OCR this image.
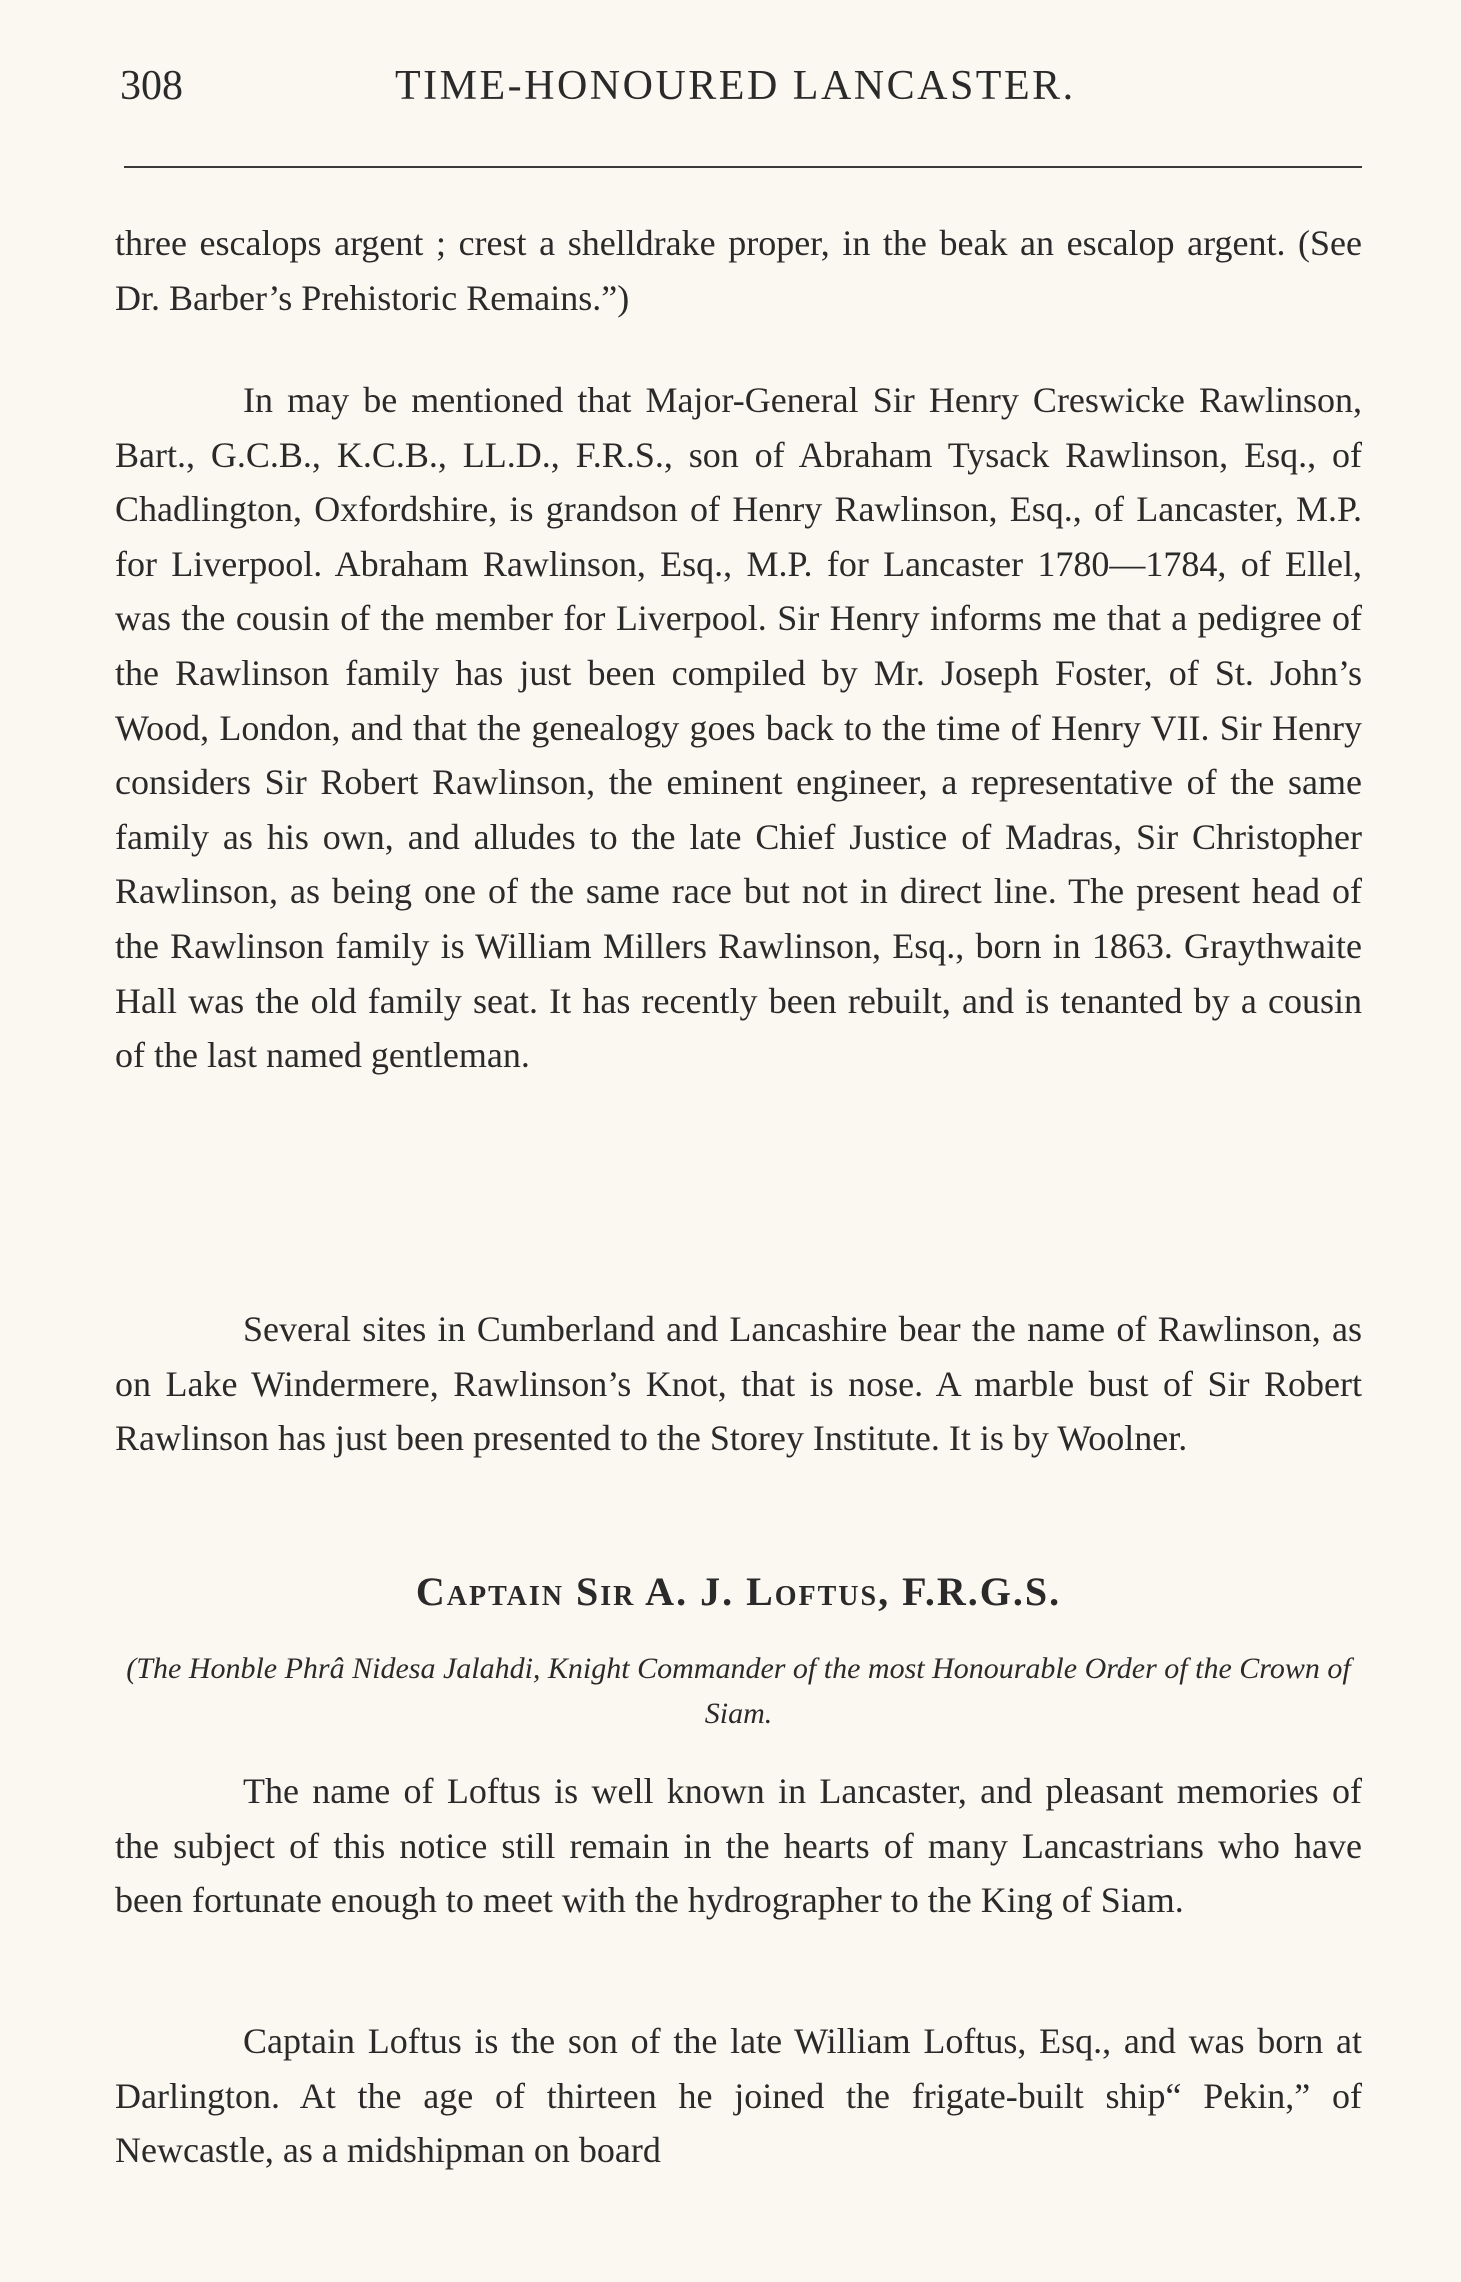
308	TIME-HONOURED LANCASTER.

three escalops argent ; crest a shelldrake proper, in the beak an escalop argent. (See Dr. Barber’s Prehistoric Remains.”)

In may be mentioned that Major-General Sir Henry Creswicke Rawlinson, Bart., G.C.B., K.C.B., LL.D., F.R.S., son of Abraham Tysack Rawlinson, Esq., of Chadlington, Oxfordshire, is grandson of Henry Rawlinson, Esq., of Lancaster, M.P. for Liverpool. Abraham Rawlinson, Esq., M.P. for Lancaster 1780—1784, of Ellel, was the cousin of the member for Liverpool. Sir Henry informs me that a pedigree of the Rawlinson family has just been compiled by Mr. Joseph Foster, of St. John’s Wood, London, and that the genealogy goes back to the time of Henry VII. Sir Henry considers Sir Robert Rawlinson, the eminent engineer, a representative of the same family as his own, and alludes to the late Chief Justice of Madras, Sir Christopher Rawlinson, as being one of the same race but not in direct line. The present head of the Rawlinson family is William Millers Rawlinson, Esq., born in 1863. Graythwaite Hall was the old family seat. It has recently been rebuilt, and is tenanted by a cousin of the last named gentleman.

Several sites in Cumberland and Lancashire bear the name of Rawlinson, as on Lake Windermere, Rawlinson’s Knot, that is nose. A marble bust of Sir Robert Rawlinson has just been presented to the Storey Institute. It is by Woolner.

Captain Sir A. J. Loftus, F.R.G.S.

(The Honble Phrâ Nidesa Jalahdi, Knight Commander of the most Honourable Order of the Crown of Siam.

The name of Loftus is well known in Lancaster, and pleasant memories of the subject of this notice still remain in the hearts of many Lancastrians who have been fortunate enough to meet with the hydrographer to the King of Siam.

Captain Loftus is the son of the late William Loftus, Esq., and was born at Darlington. At the age of thirteen he joined the frigate-built ship“ Pekin,” of Newcastle, as a midshipman on board
